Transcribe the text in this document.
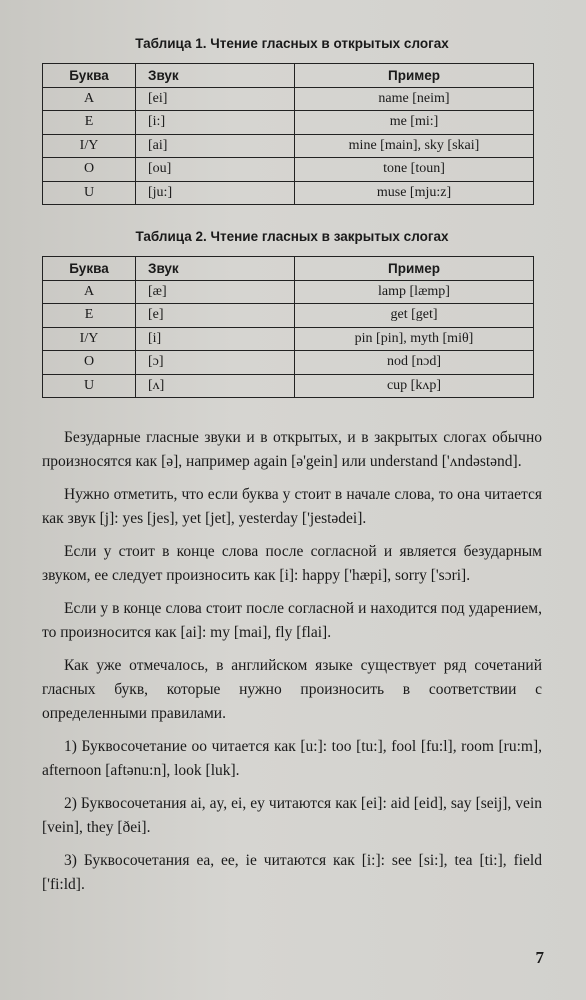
Таблица 1. Чтение гласных в открытых слогах
Буква	Звук	Пример
A	[ei]	name [neim]
E	[i:]	me [mi:]
I/Y	[ai]	mine [main], sky [skai]
O	[ou]	tone [toun]
U	[ju:]	muse [mju:z]
Таблица 2. Чтение гласных в закрытых слогах
Буква	Звук	Пример
A	[æ]	lamp [læmp]
E	[e]	get [get]
I/Y	[i]	pin [pin], myth [miθ]
O	[ɔ]	nod [nɔd]
U	[ʌ]	cup [kʌp]

Безударные гласные звуки и в открытых, и в закрытых слогах обычно произносятся как [ə], например again [ə'gein] или understand ['ʌndəstənd].

Нужно отметить, что если буква y стоит в начале слова, то она читается как звук [j]: yes [jes], yet [jet], yesterday ['jestədei].

Если y стоит в конце слова после согласной и является безударным звуком, ее следует произносить как [i]: happy ['hæpi], sorry ['sɔri].

Если y в конце слова стоит после согласной и находится под ударением, то произносится как [ai]: my [mai], fly [flai].

Как уже отмечалось, в английском языке существует ряд сочетаний гласных букв, которые нужно произносить в соответствии с определенными правилами.

1) Буквосочетание oo читается как [u:]: too [tu:], fool [fu:l], room [ru:m], afternoon [aftənu:n], look [luk].

2) Буквосочетания ai, ay, ei, ey читаются как [ei]: aid [eid], say [seij], vein [vein], they [ðei].

3) Буквосочетания ea, ee, ie читаются как [i:]: see [si:], tea [ti:], field ['fi:ld].

7
